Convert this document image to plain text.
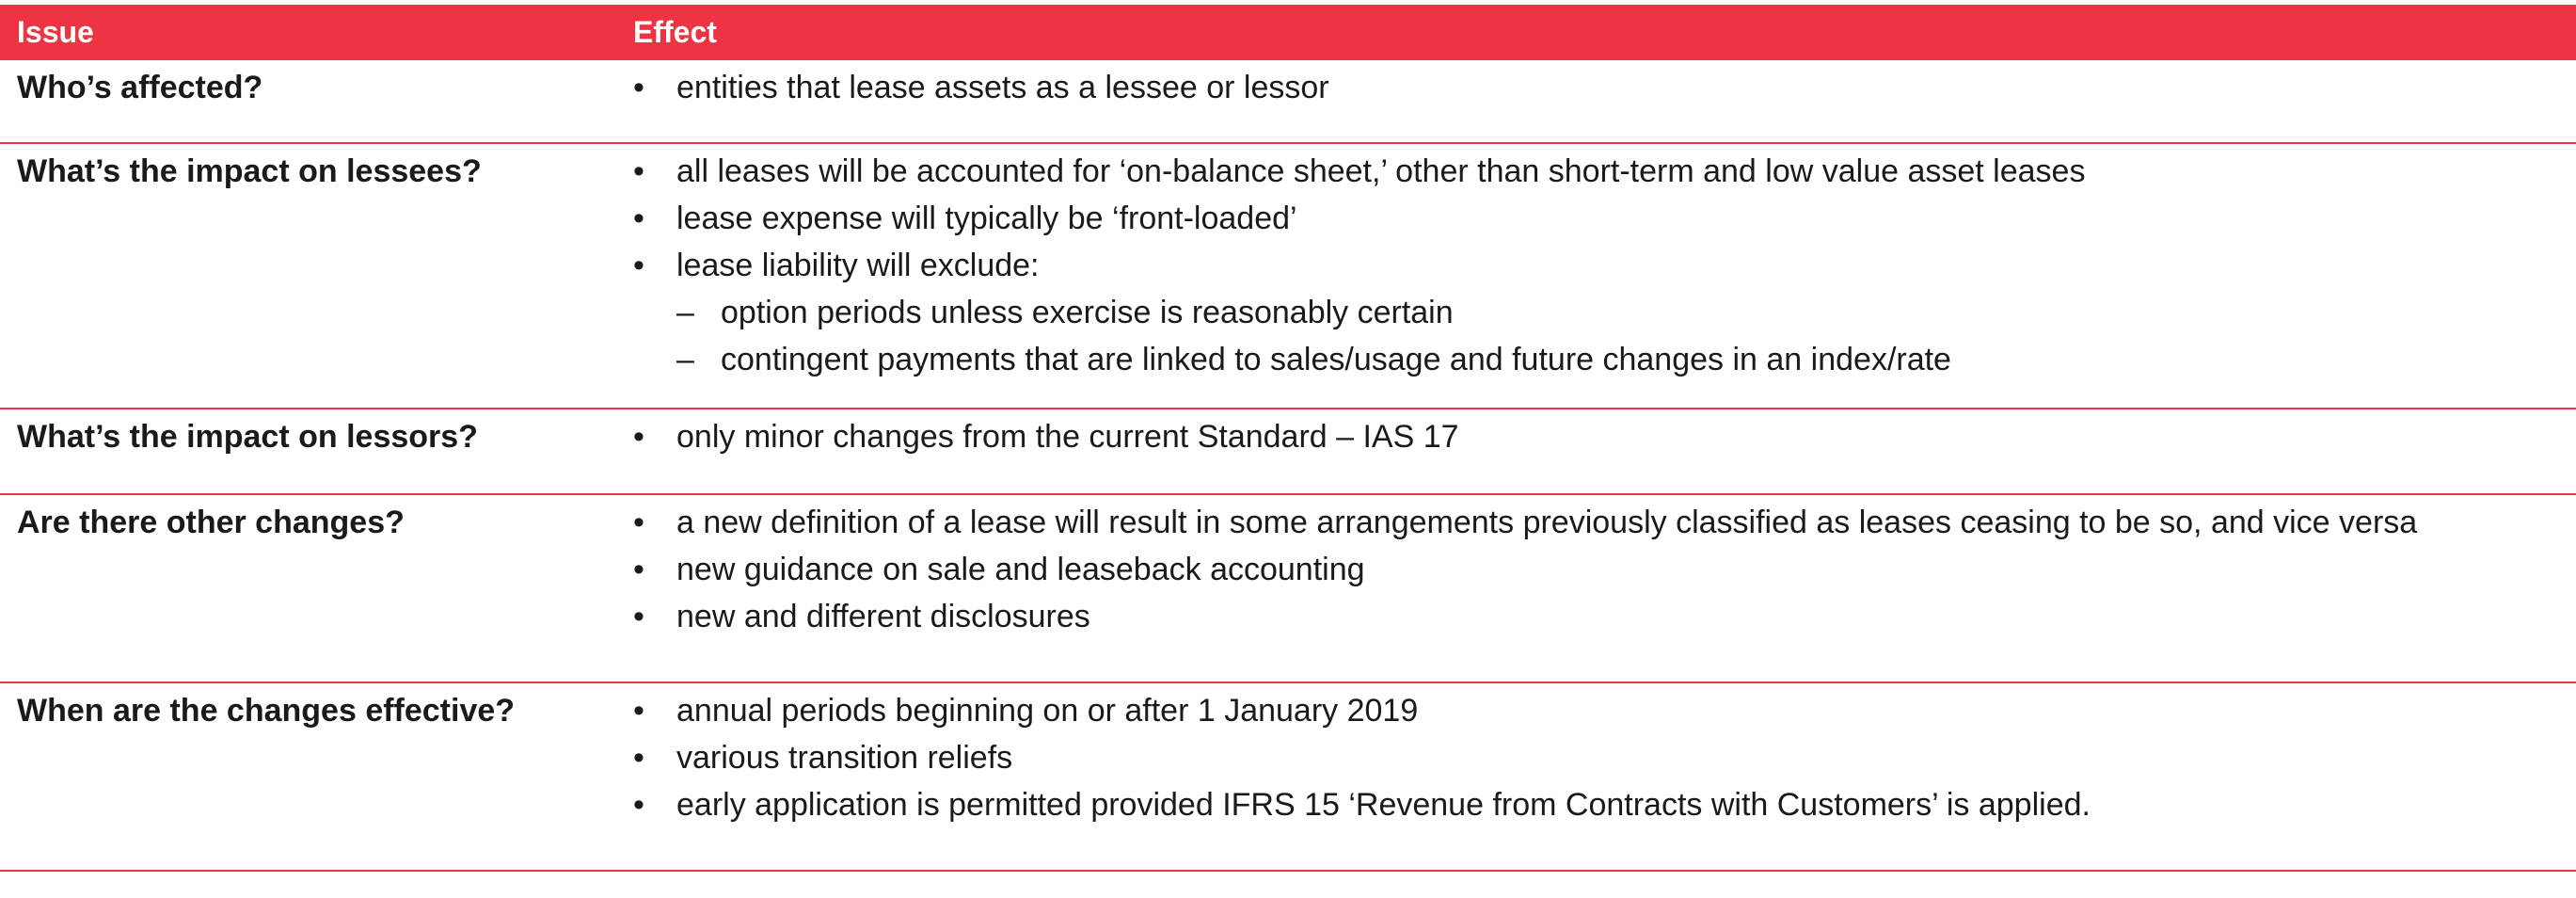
Issue	Effect
Who’s affected?	• entities that lease assets as a lessee or lessor
What’s the impact on lessees?	• all leases will be accounted for ‘on-balance sheet,’ other than short-term and low value asset leases
• lease expense will typically be ‘front-loaded’
• lease liability will exclude:
– option periods unless exercise is reasonably certain
– contingent payments that are linked to sales/usage and future changes in an index/rate
What’s the impact on lessors?	• only minor changes from the current Standard – IAS 17
Are there other changes?	• a new definition of a lease will result in some arrangements previously classified as leases ceasing to be so, and vice versa
• new guidance on sale and leaseback accounting
• new and different disclosures
When are the changes effective?	• annual periods beginning on or after 1 January 2019
• various transition reliefs
• early application is permitted provided IFRS 15 ‘Revenue from Contracts with Customers’ is applied.
